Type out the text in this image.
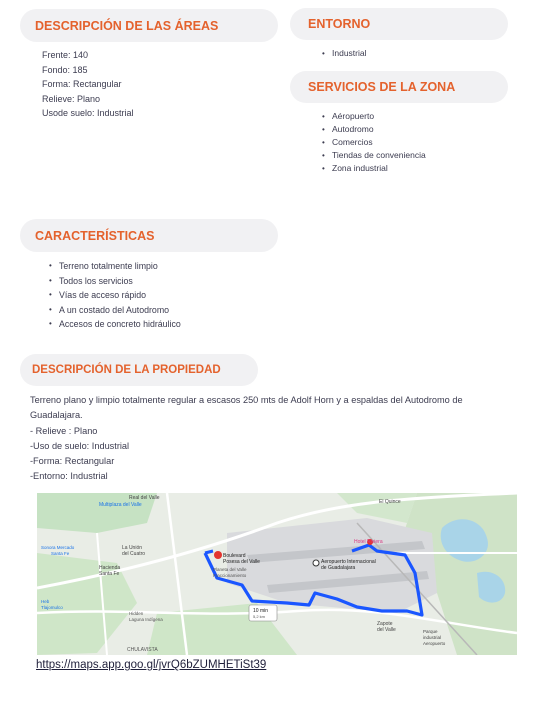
DESCRIPCIÓN DE LAS ÁREAS
Frente: 140
Fondo: 185
Forma: Rectangular
Relieve: Plano
Usode suelo: Industrial
ENTORNO
• Industrial
SERVICIOS DE LA ZONA
• Aéropuerto
• Autodromo
• Comercios
• Tiendas de conveniencia
• Zona industrial
CARACTERÍSTICAS
• Terreno totalmente limpio
• Todos los servicios
• Vías de acceso rápido
• A un costado del Autodromo
• Accesos de concreto hidráulico
DESCRIPCIÓN DE LA PROPIEDAD
Terreno plano y limpio totalmente regular a escasos 250 mts de Adolf Horn y a espaldas del Autodromo de
Guadalajara.
- Relieve : Plano
-Uso de suelo: Industrial
-Forma: Rectangular
-Entorno: Industrial
10 min
5,2 km
Real del Valle
Multiplaza del Valle	El Quince
Hotel Riviera
Boulevard
Posesa del Valle
Planeta del Valle
Fraccionamiento
Aeropuerto Internacional
de Guadalajara
La Unión
del Cuatro
Sonora Mercado
Santa Fe
Hacienda
Santa Fe
Heb
Tlajomulco
Hidden
Laguna Indígena
CHULAVISTA
Zapote
del Valle	Parque
industrial
Aeropuerto
https://maps.app.goo.gl/jvrQ6bZUMHETiSt39
